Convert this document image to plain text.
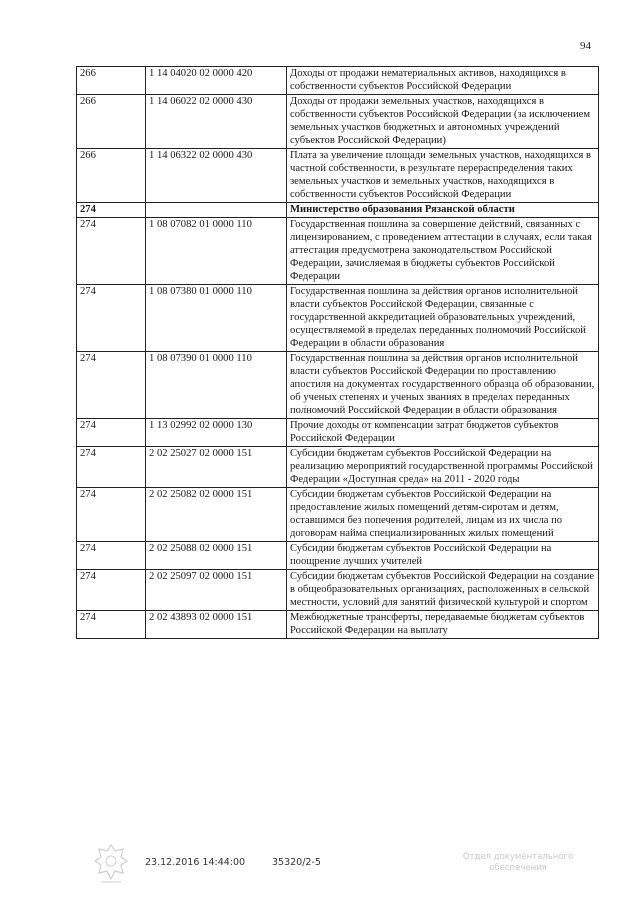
94
266	1 14 04020 02 0000 420	Доходы от продажи нематериальных активов, находящихся в собственности субъектов Российской Федерации
266	1 14 06022 02 0000 430	Доходы от продажи земельных участков, находящихся в собственности субъектов Российской Федерации (за исключением земельных участков бюджетных и автономных учреждений субъектов Российской Федерации)
266	1 14 06322 02 0000 430	Плата за увеличение площади земельных участков, находящихся в частной собственности, в результате перераспределения таких земельных участков и земельных участков, находящихся в собственности субъектов Российской Федерации
274		Министерство образования Рязанской области
274	1 08 07082 01 0000 110	Государственная пошлина за совершение действий, связанных с лицензированием, с проведением аттестации в случаях, если такая аттестация предусмотрена законодательством Российской Федерации, зачисляемая в бюджеты субъектов Российской Федерации
274	1 08 07380 01 0000 110	Государственная пошлина за действия органов исполнительной власти субъектов Российской Федерации, связанные с государственной аккредитацией образовательных учреждений, осуществляемой в пределах переданных полномочий Российской Федерации в области образования
274	1 08 07390 01 0000 110	Государственная пошлина за действия органов исполнительной власти субъектов Российской Федерации по проставлению апостиля на документах государственного образца об образовании, об ученых степенях и ученых званиях в пределах переданных полномочий Российской Федерации в области образования
274	1 13 02992 02 0000 130	Прочие доходы от компенсации затрат бюджетов субъектов Российской Федерации
274	2 02 25027 02 0000 151	Субсидии бюджетам субъектов Российской Федерации на реализацию мероприятий государственной программы Российской Федерации «Доступная среда» на 2011 - 2020 годы
274	2 02 25082 02 0000 151	Субсидии бюджетам субъектов Российской Федерации на предоставление жилых помещений детям-сиротам и детям, оставшимся без попечения родителей, лицам из их числа по договорам найма специализированных жилых помещений
274	2 02 25088 02 0000 151	Субсидии бюджетам субъектов Российской Федерации на поощрение лучших учителей
274	2 02 25097 02 0000 151	Субсидии бюджетам субъектов Российской Федерации на создание в общеобразовательных организациях, расположенных в сельской местности, условий для занятий физической культурой и спортом
274	2 02 43893 02 0000 151	Межбюджетные трансферты, передаваемые бюджетам субъектов Российской Федерации на выплату
23.12.2016 14:44:00	35320/2-5	Отдел документального обеспечения
